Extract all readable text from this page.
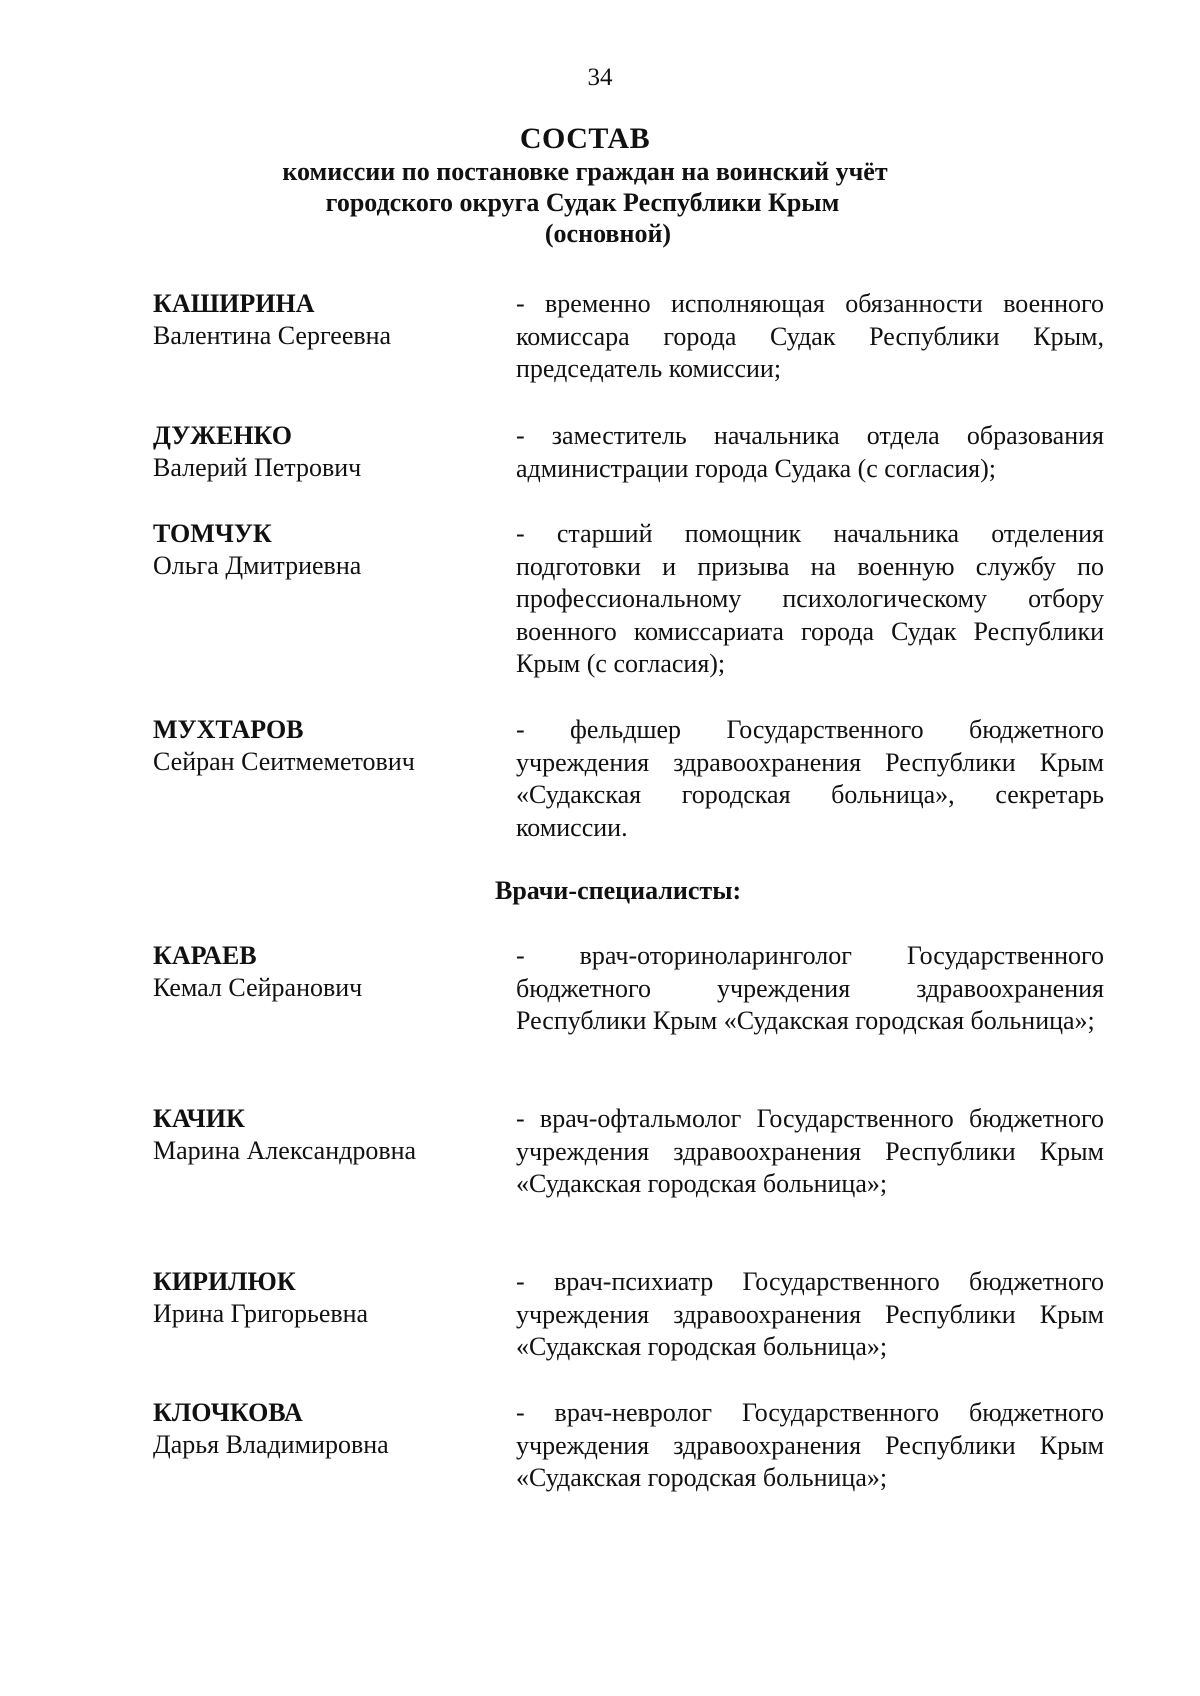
34
СОСТАВ
комиссии по постановке граждан на воинский учёт
городского округа Судак Республики Крым
(основной)
КАШИРИНА
Валентина Сергеевна
- временно исполняющая обязанности военного комиссара города Судак Республики Крым, председатель комиссии;
ДУЖЕНКО
Валерий Петрович
- заместитель начальника отдела образования администрации города Судака (с согласия);
ТОМЧУК
Ольга Дмитриевна
- старший помощник начальника отделения подготовки и призыва на военную службу по профессиональному психологическому отбору военного комиссариата города Судак Республики Крым (с согласия);
МУХТАРОВ
Сейран Сеитмеметович
- фельдшер Государственного бюджетного учреждения здравоохранения Республики Крым «Судакская городская больница», секретарь комиссии.
Врачи-специалисты:
КАРАЕВ
Кемал Сейранович
- врач-оториноларинголог Государственного бюджетного учреждения здравоохранения Республики Крым «Судакская городская больница»;
КАЧИК
Марина Александровна
- врач-офтальмолог Государственного бюджетного учреждения здравоохранения Республики Крым «Судакская городская больница»;
КИРИЛЮК
Ирина Григорьевна
- врач-психиатр Государственного бюджетного учреждения здравоохранения Республики Крым «Судакская городская больница»;
КЛОЧКОВА
Дарья Владимировна
- врач-невролог Государственного бюджетного учреждения здравоохранения Республики Крым «Судакская городская больница»;
